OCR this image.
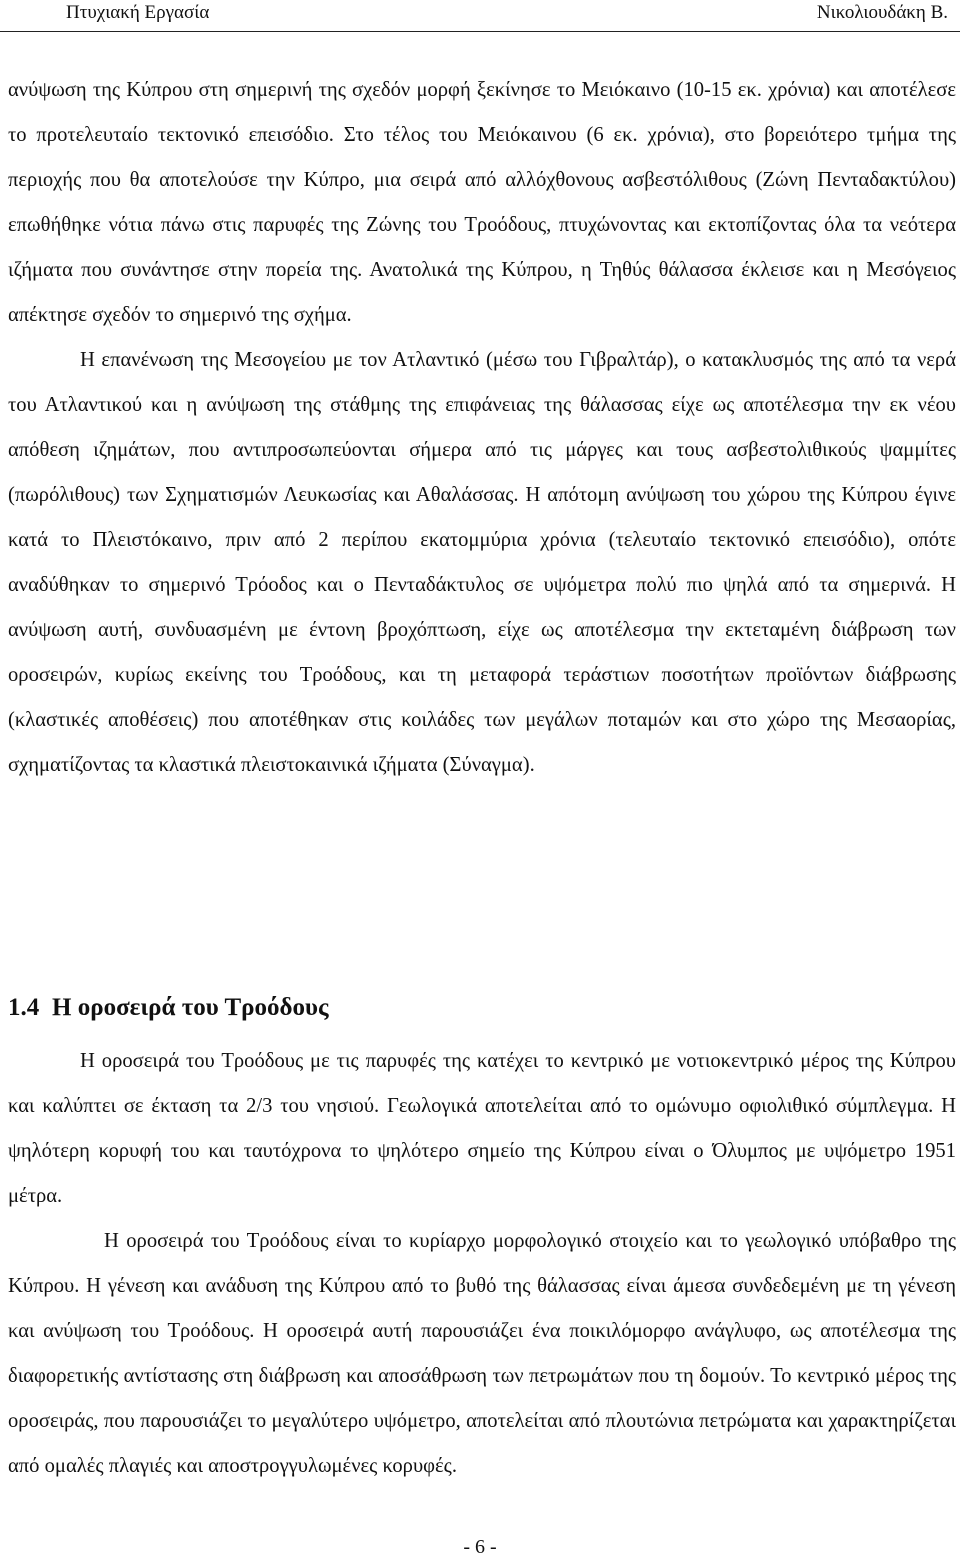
Πτυχιακή Εργασία	Νικολιουδάκη Β.

ανύψωση της Κύπρου στη σημερινή της σχεδόν μορφή ξεκίνησε το Μειόκαινο (10-15 εκ. χρόνια) και αποτέλεσε το προτελευταίο τεκτονικό επεισόδιο. Στο τέλος του Μειόκαινου (6 εκ. χρόνια), στο βορειότερο τμήμα της περιοχής που θα αποτελούσε την Κύπρο, μια σειρά από αλλόχθονους ασβεστόλιθους (Ζώνη Πενταδακτύλου) επωθήθηκε νότια πάνω στις παρυφές της Ζώνης του Τροόδους, πτυχώνοντας και εκτοπίζοντας όλα τα νεότερα ιζήματα που συνάντησε στην πορεία της. Ανατολικά της Κύπρου, η Τηθύς θάλασσα έκλεισε και η Μεσόγειος απέκτησε σχεδόν το σημερινό της σχήμα.

Η επανένωση της Μεσογείου με τον Ατλαντικό (μέσω του Γιβραλτάρ), ο κατακλυσμός της από τα νερά του Ατλαντικού και η ανύψωση της στάθμης της επιφάνειας της θάλασσας είχε ως αποτέλεσμα την εκ νέου απόθεση ιζημάτων, που αντιπροσωπεύονται σήμερα από τις μάργες και τους ασβεστολιθικούς ψαμμίτες (πωρόλιθους) των Σχηματισμών Λευκωσίας και Αθαλάσσας. Η απότομη ανύψωση του χώρου της Κύπρου έγινε κατά το Πλειστόκαινο, πριν από 2 περίπου εκατομμύρια χρόνια (τελευταίο τεκτονικό επεισόδιο), οπότε αναδύθηκαν το σημερινό Τρόοδος και ο Πενταδάκτυλος σε υψόμετρα πολύ πιο ψηλά από τα σημερινά. Η ανύψωση αυτή, συνδυασμένη με έντονη βροχόπτωση, είχε ως αποτέλεσμα την εκτεταμένη διάβρωση των οροσειρών, κυρίως εκείνης του Τροόδους, και τη μεταφορά τεράστιων ποσοτήτων προϊόντων διάβρωσης (κλαστικές αποθέσεις) που αποτέθηκαν στις κοιλάδες των μεγάλων ποταμών και στο χώρο της Μεσαορίας, σχηματίζοντας τα κλαστικά πλειστοκαινικά ιζήματα (Σύναγμα).

1.4 Η οροσειρά του Τροόδους

Η οροσειρά του Τροόδους με τις παρυφές της κατέχει το κεντρικό με νοτιοκεντρικό μέρος της Κύπρου και καλύπτει σε έκταση τα 2/3 του νησιού. Γεωλογικά αποτελείται από το ομώνυμο οφιολιθικό σύμπλεγμα. Η ψηλότερη κορυφή του και ταυτόχρονα το ψηλότερο σημείο της Κύπρου είναι ο Όλυμπος με υψόμετρο 1951 μέτρα.

Η οροσειρά του Τροόδους είναι το κυρίαρχο μορφολογικό στοιχείο και το γεωλογικό υπόβαθρο της Κύπρου. Η γένεση και ανάδυση της Κύπρου από το βυθό της θάλασσας είναι άμεσα συνδεδεμένη με τη γένεση και ανύψωση του Τροόδους. Η οροσειρά αυτή παρουσιάζει ένα ποικιλόμορφο ανάγλυφο, ως αποτέλεσμα της διαφορετικής αντίστασης στη διάβρωση και αποσάθρωση των πετρωμάτων που τη δομούν. Το κεντρικό μέρος της οροσειράς, που παρουσιάζει το μεγαλύτερο υψόμετρο, αποτελείται από πλουτώνια πετρώματα και χαρακτηρίζεται από ομαλές πλαγιές και αποστρογγυλωμένες κορυφές.

- 6 -
